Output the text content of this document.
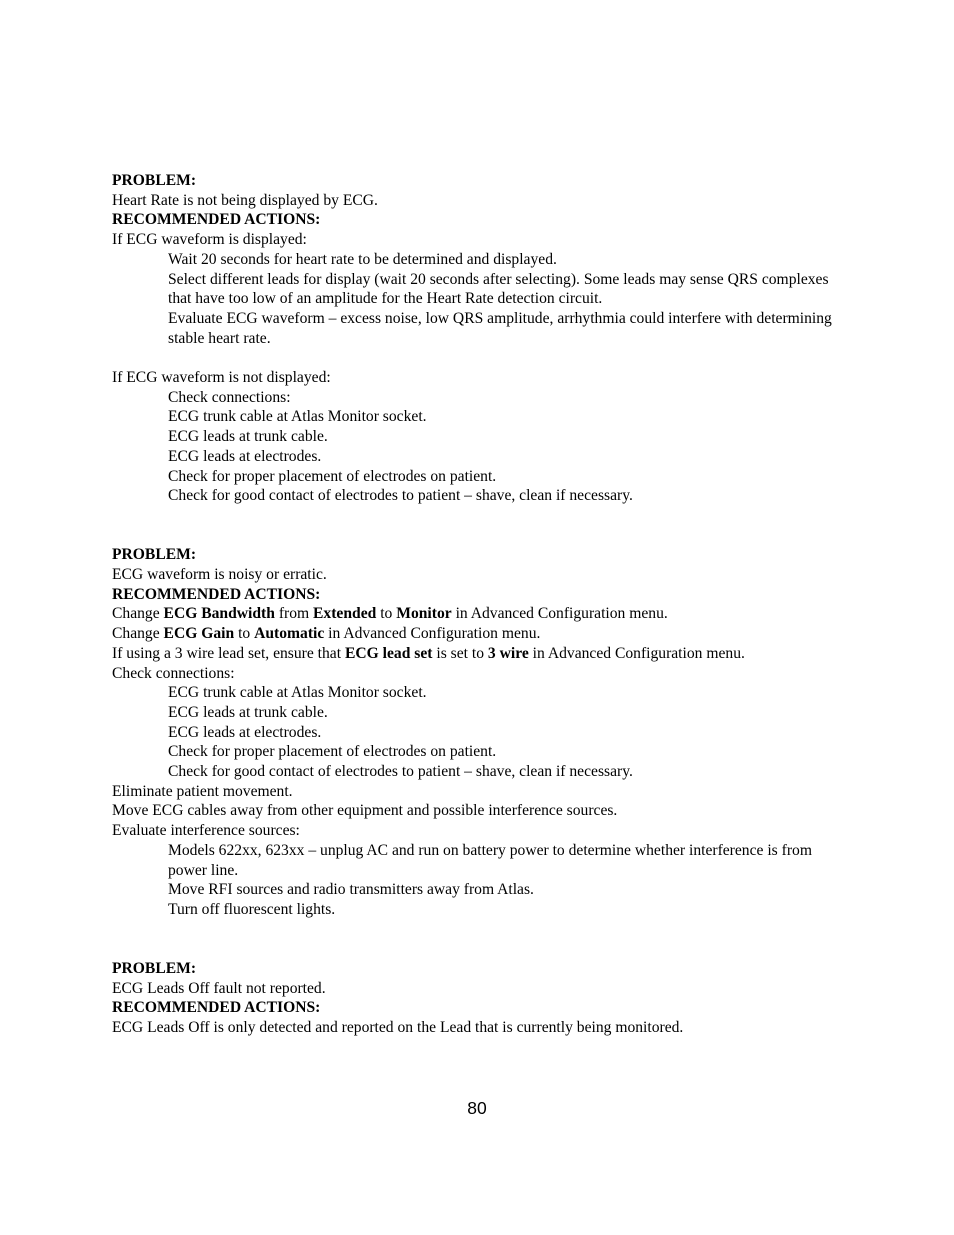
PROBLEM:
Heart Rate is not being displayed by ECG.
RECOMMENDED ACTIONS:
If ECG waveform is displayed:
Wait 20 seconds for heart rate to be determined and displayed.
Select different leads for display (wait 20 seconds after selecting). Some leads may sense QRS complexes that have too low of an amplitude for the Heart Rate detection circuit.
Evaluate ECG waveform – excess noise, low QRS amplitude, arrhythmia could interfere with determining stable heart rate.
If ECG waveform is not displayed:
Check connections:
ECG trunk cable at Atlas Monitor socket.
ECG leads at trunk cable.
ECG leads at electrodes.
Check for proper placement of electrodes on patient.
Check for good contact of electrodes to patient – shave, clean if necessary.
PROBLEM:
ECG waveform is noisy or erratic.
RECOMMENDED ACTIONS:
Change ECG Bandwidth from Extended to Monitor in Advanced Configuration menu.
Change ECG Gain to Automatic in Advanced Configuration menu.
If using a 3 wire lead set, ensure that ECG lead set is set to 3 wire in Advanced Configuration menu.
Check connections:
ECG trunk cable at Atlas Monitor socket.
ECG leads at trunk cable.
ECG leads at electrodes.
Check for proper placement of electrodes on patient.
Check for good contact of electrodes to patient – shave, clean if necessary.
Eliminate patient movement.
Move ECG cables away from other equipment and possible interference sources.
Evaluate interference sources:
Models 622xx, 623xx – unplug AC and run on battery power to determine whether interference is from power line.
Move RFI sources and radio transmitters away from Atlas.
Turn off fluorescent lights.
PROBLEM:
ECG Leads Off fault not reported.
RECOMMENDED ACTIONS:
ECG Leads Off is only detected and reported on the Lead that is currently being monitored.
80
